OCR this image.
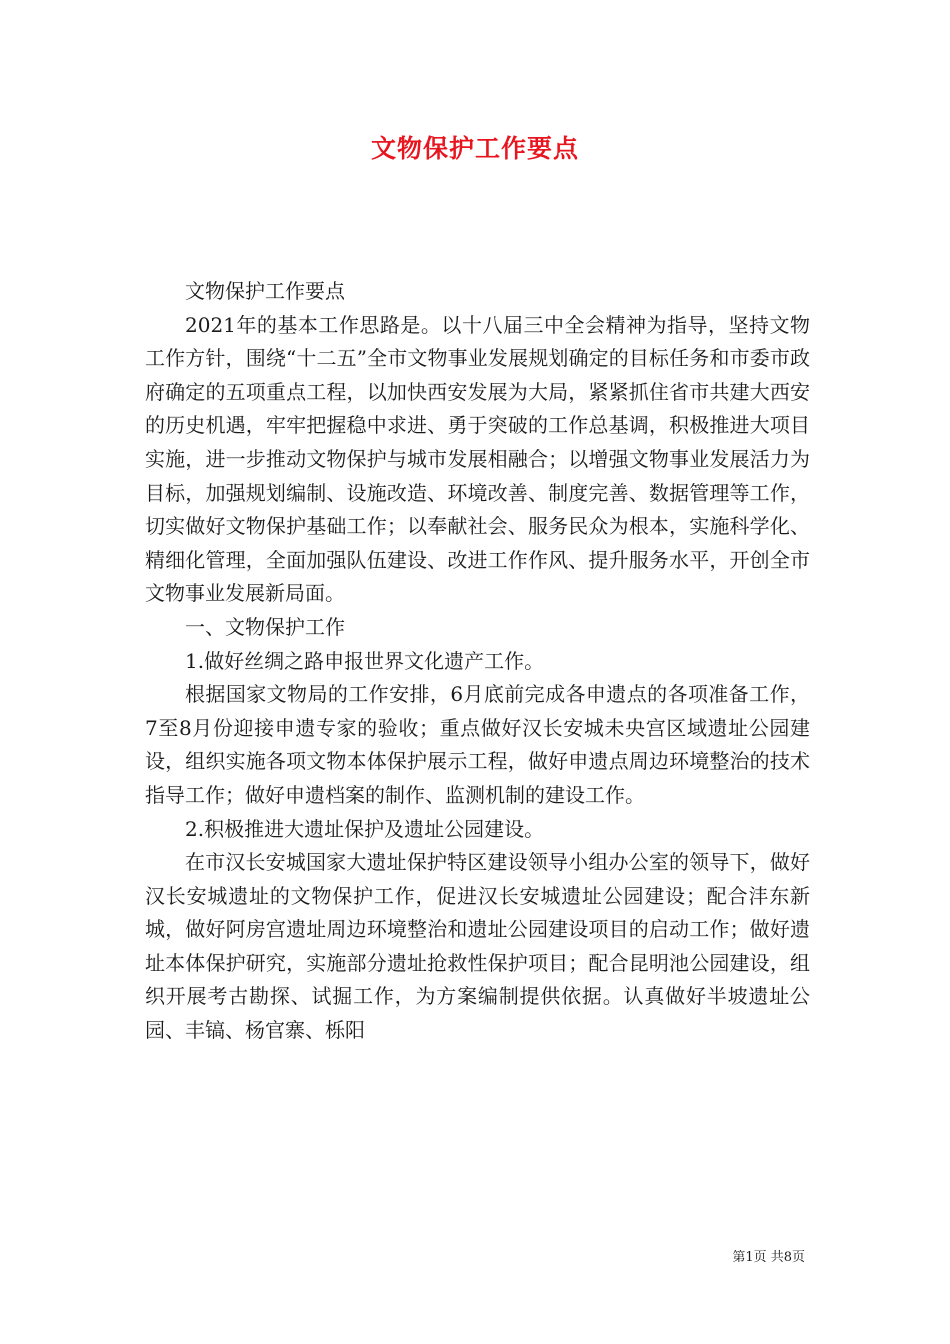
文物保护工作要点

文物保护工作要点

2021年的基本工作思路是。以十八届三中全会精神为指导，坚持文物工作方针，围绕“十二五”全市文物事业发展规划确定的目标任务和市委市政府确定的五项重点工程，以加快西安发展为大局，紧紧抓住省市共建大西安的历史机遇，牢牢把握稳中求进、勇于突破的工作总基调，积极推进大项目实施，进一步推动文物保护与城市发展相融合；以增强文物事业发展活力为目标，加强规划编制、设施改造、环境改善、制度完善、数据管理等工作，切实做好文物保护基础工作；以奉献社会、服务民众为根本，实施科学化、精细化管理，全面加强队伍建设、改进工作作风、提升服务水平，开创全市文物事业发展新局面。

一、文物保护工作

1.做好丝绸之路申报世界文化遗产工作。

根据国家文物局的工作安排，6月底前完成各申遗点的各项准备工作，7至8月份迎接申遗专家的验收；重点做好汉长安城未央宫区域遗址公园建设，组织实施各项文物本体保护展示工程，做好申遗点周边环境整治的技术指导工作；做好申遗档案的制作、监测机制的建设工作。

2.积极推进大遗址保护及遗址公园建设。

在市汉长安城国家大遗址保护特区建设领导小组办公室的领导下，做好汉长安城遗址的文物保护工作，促进汉长安城遗址公园建设；配合沣东新城，做好阿房宫遗址周边环境整治和遗址公园建设项目的启动工作；做好遗址本体保护研究，实施部分遗址抢救性保护项目；配合昆明池公园建设，组织开展考古勘探、试掘工作，为方案编制提供依据。认真做好半坡遗址公园、丰镐、杨官寨、栎阳

第1页 共8页
